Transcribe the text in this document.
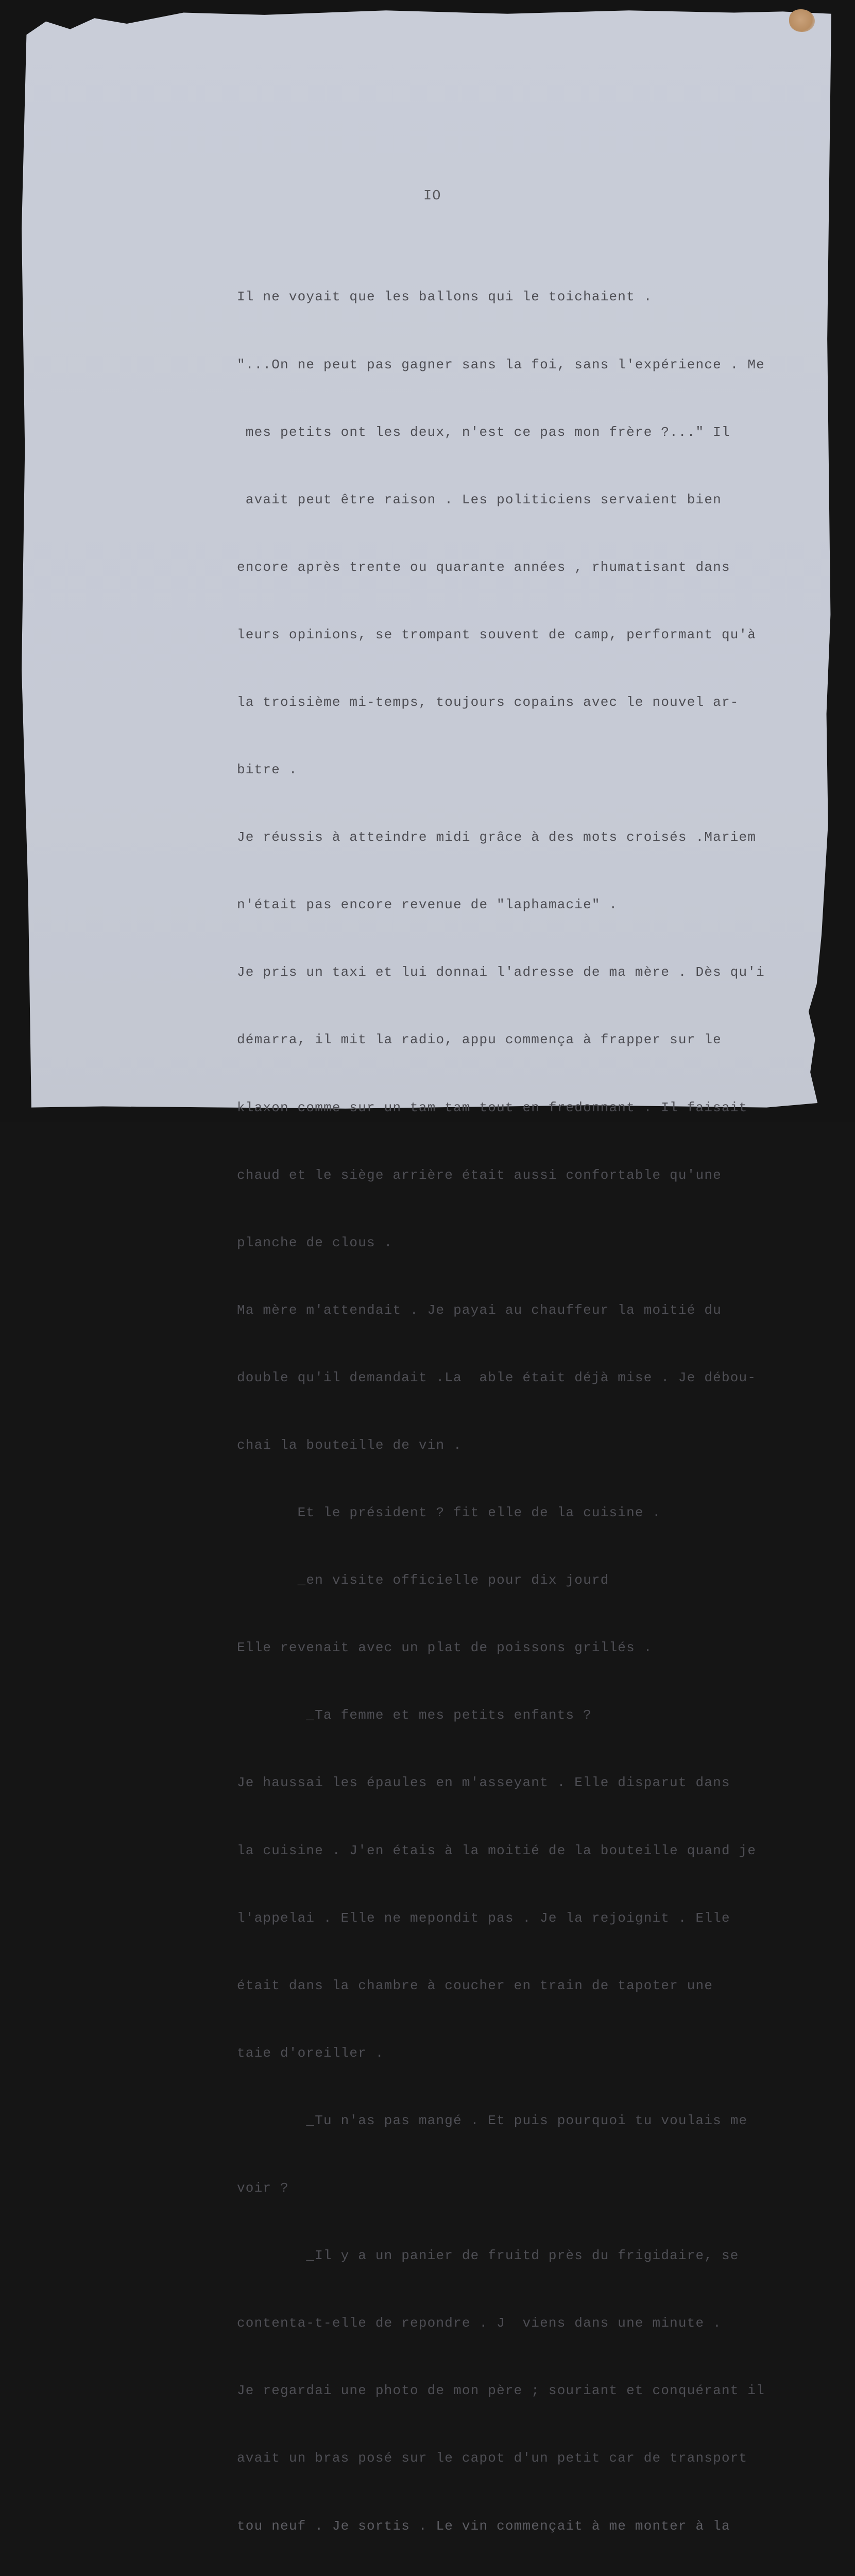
IO

Il ne voyait que les ballons qui le toichaient .

"...On ne peut pas gagner sans la foi, sans l'expérience . Me

mes petits ont les deux, n'est ce pas mon frère ?..." Il

avait peut être raison . Les politiciens servaient bien

encore après trente ou quarante années , rhumatisant dans

leurs opinions, se trompant souvent de camp, performant qu'à

la troisième mi-temps, toujours copains avec le nouvel ar-

bitre .

Je réussis à atteindre midi grâce à des mots croisés .Mariem

n'était pas encore revenue de "laphamacie" .

Je pris un taxi et lui donnai l'adresse de ma mère . Dès qu'i

démarra, il mit la radio, appu commença à frapper sur le

klaxon comme sur un tam tam tout en fredonnant . Il faisait

chaud et le siège arrière était aussi confortable qu'une

planche de clous .

Ma mère m'attendait . Je payai au chauffeur la moitié du

double qu'il demandait .La  able était déjà mise . Je débou-

chai la bouteille de vin .

Et le président ? fit elle de la cuisine .

_en visite officielle pour dix jourd

Elle revenait avec un plat de poissons grillés .

_Ta femme et mes petits enfants ?

Je haussai les épaules en m'asseyant . Elle disparut dans

la cuisine . J'en étais à la moitié de la bouteille quand je

l'appelai . Elle ne mepondit pas . Je la rejoignit . Elle

était dans la chambre à coucher en train de tapoter une

taie d'oreiller .

_Tu n'as pas mangé . Et puis pourquoi tu voulais me

voir ?

_Il y a un panier de fruitd près du frigidaire, se

contenta-t-elle de repondre . J  viens dans une minute .

Je regardai une photo de mon père ; souriant et conquérant il

avait un bras posé sur le capot d'un petit car de transport

tou neuf . Je sortis . Le vin commençait à me monter à la
